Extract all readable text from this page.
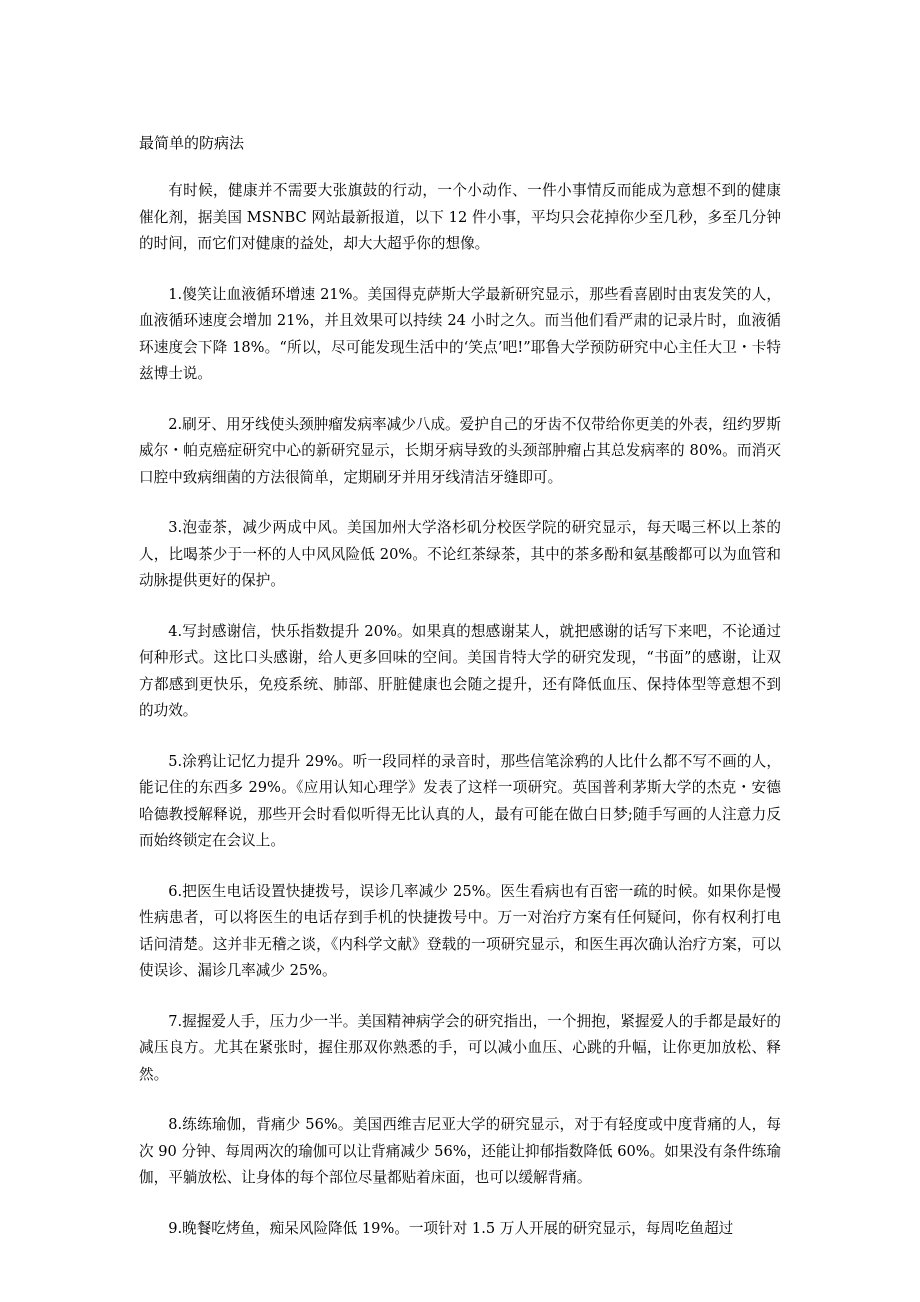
最简单的防病法

有时候，健康并不需要大张旗鼓的行动，一个小动作、一件小事情反而能成为意想不到的健康催化剂，据美国 MSNBC 网站最新报道，以下 12 件小事，平均只会花掉你少至几秒，多至几分钟的时间，而它们对健康的益处，却大大超乎你的想像。

1.傻笑让血液循环增速 21%。美国得克萨斯大学最新研究显示，那些看喜剧时由衷发笑的人，血液循环速度会增加 21%，并且效果可以持续 24 小时之久。而当他们看严肃的记录片时，血液循环速度会下降 18%。“所以，尽可能发现生活中的‘笑点’吧!”耶鲁大学预防研究中心主任大卫・卡特兹博士说。

2.刷牙、用牙线使头颈肿瘤发病率减少八成。爱护自己的牙齿不仅带给你更美的外表，纽约罗斯威尔・帕克癌症研究中心的新研究显示，长期牙病导致的头颈部肿瘤占其总发病率的 80%。而消灭口腔中致病细菌的方法很简单，定期刷牙并用牙线清洁牙缝即可。

3.泡壶茶，减少两成中风。美国加州大学洛杉矶分校医学院的研究显示，每天喝三杯以上茶的人，比喝茶少于一杯的人中风风险低 20%。不论红茶绿茶，其中的茶多酚和氨基酸都可以为血管和动脉提供更好的保护。

4.写封感谢信，快乐指数提升 20%。如果真的想感谢某人，就把感谢的话写下来吧，不论通过何种形式。这比口头感谢，给人更多回味的空间。美国肯特大学的研究发现，“书面”的感谢，让双方都感到更快乐，免疫系统、肺部、肝脏健康也会随之提升，还有降低血压、保持体型等意想不到的功效。

5.涂鸦让记忆力提升 29%。听一段同样的录音时，那些信笔涂鸦的人比什么都不写不画的人，能记住的东西多 29%。《应用认知心理学》发表了这样一项研究。英国普利茅斯大学的杰克・安德哈德教授解释说，那些开会时看似听得无比认真的人，最有可能在做白日梦;随手写画的人注意力反而始终锁定在会议上。

6.把医生电话设置快捷拨号，误诊几率减少 25%。医生看病也有百密一疏的时候。如果你是慢性病患者，可以将医生的电话存到手机的快捷拨号中。万一对治疗方案有任何疑问，你有权利打电话问清楚。这并非无稽之谈，《内科学文献》登载的一项研究显示，和医生再次确认治疗方案，可以使误诊、漏诊几率减少 25%。

7.握握爱人手，压力少一半。美国精神病学会的研究指出，一个拥抱，紧握爱人的手都是最好的减压良方。尤其在紧张时，握住那双你熟悉的手，可以减小血压、心跳的升幅，让你更加放松、释然。

8.练练瑜伽，背痛少 56%。美国西维吉尼亚大学的研究显示，对于有轻度或中度背痛的人，每次 90 分钟、每周两次的瑜伽可以让背痛减少 56%，还能让抑郁指数降低 60%。如果没有条件练瑜伽，平躺放松、让身体的每个部位尽量都贴着床面，也可以缓解背痛。

9.晚餐吃烤鱼，痴呆风险降低 19%。一项针对 1.5 万人开展的研究显示，每周吃鱼超过
